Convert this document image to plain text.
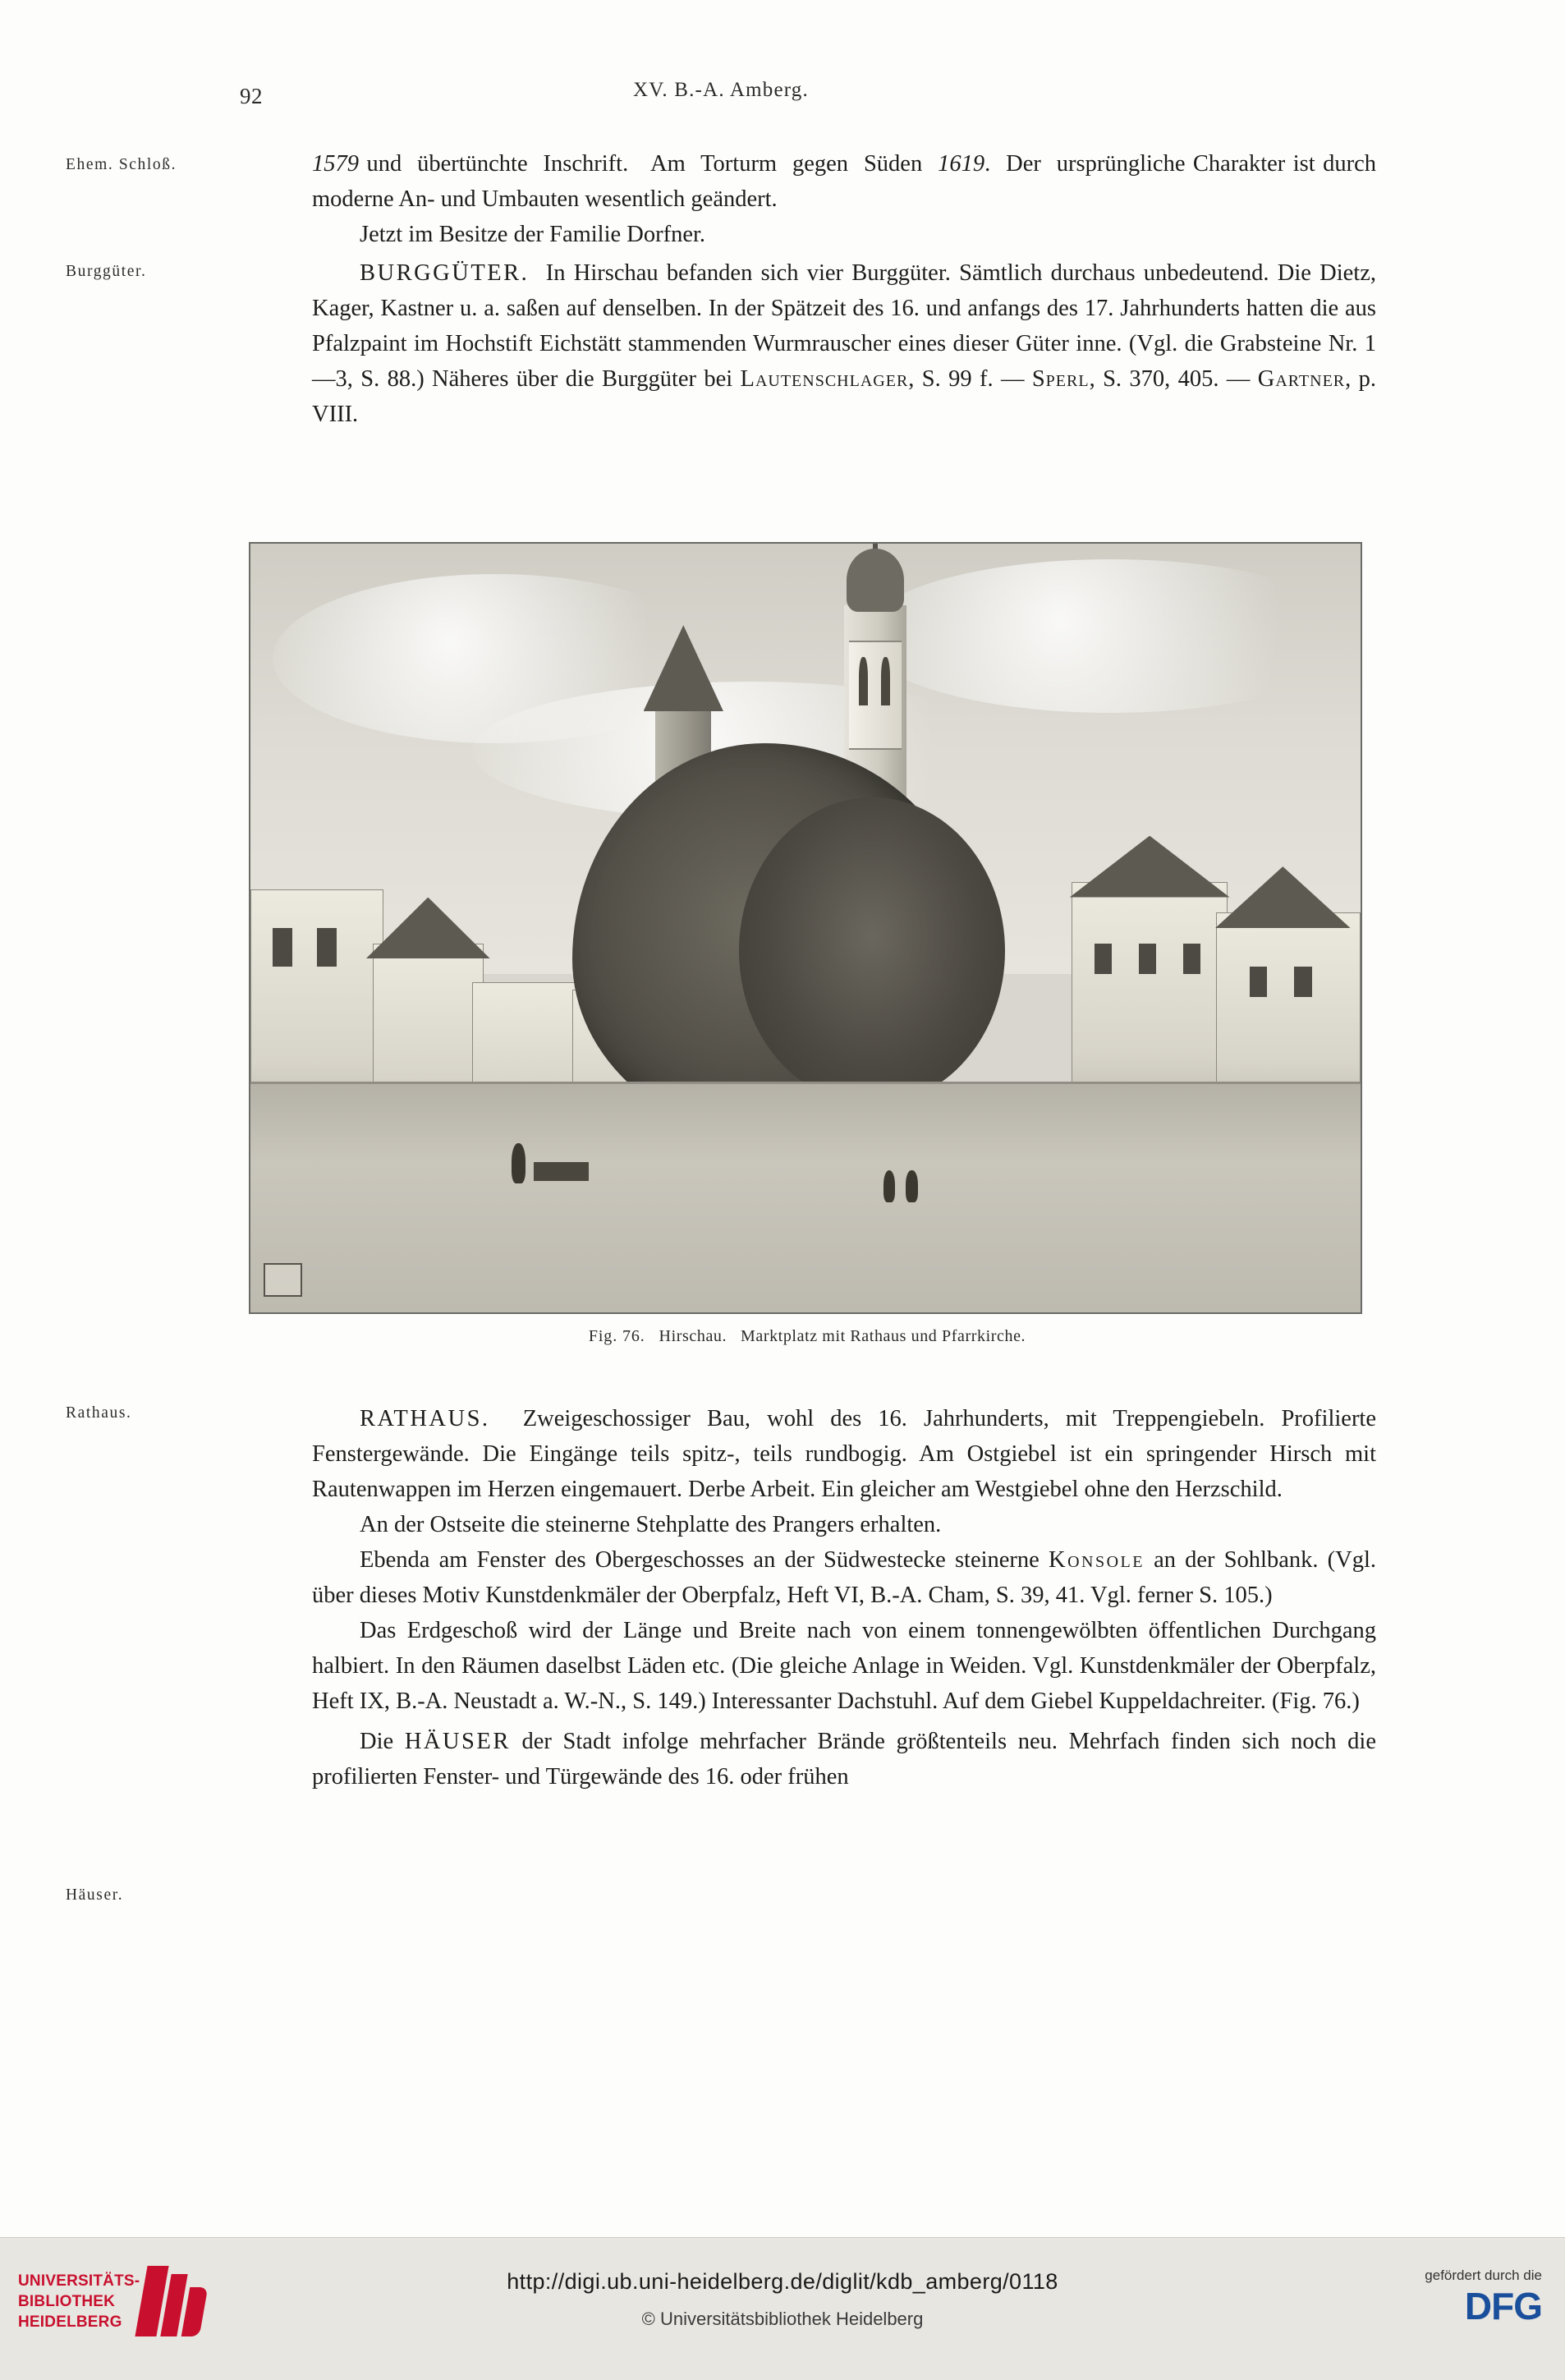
92	XV. B.-A. Amberg.
Ehem. Schloß.
Burggüter.
Rathaus.
Häuser.

1579 und  übertünchte  Inschrift.   Am  Torturm  gegen  Süden  1619.  Der  ursprüngliche Charakter ist durch moderne An- und Umbauten wesentlich geändert.

Jetzt im Besitze der Familie Dorfner.

BURGGÜTER. In Hirschau befanden sich vier Burggüter. Sämtlich durchaus unbedeutend. Die Dietz, Kager, Kastner u. a. saßen auf denselben. In der Spätzeit des 16. und anfangs des 17. Jahrhunderts hatten die aus Pfalzpaint im Hochstift Eichstätt stammenden Wurmrauscher eines dieser Güter inne. (Vgl. die Grabsteine Nr. 1—3, S. 88.) Näheres über die Burggüter bei Lautenschlager, S. 99 f. — Sperl, S. 370, 405. — Gartner, p. VIII.

Fig. 76. Hirschau. Marktplatz mit Rathaus und Pfarrkirche.

RATHAUS. Zweigeschossiger Bau, wohl des 16. Jahrhunderts, mit Treppengiebeln. Profilierte Fenstergewände. Die Eingänge teils spitz-, teils rundbogig. Am Ostgiebel ist ein springender Hirsch mit Rautenwappen im Herzen eingemauert. Derbe Arbeit. Ein gleicher am Westgiebel ohne den Herzschild.

An der Ostseite die steinerne Stehplatte des Prangers erhalten.

Ebenda am Fenster des Obergeschosses an der Südwestecke steinerne Konsole an der Sohlbank. (Vgl. über dieses Motiv Kunstdenkmäler der Oberpfalz, Heft VI, B.-A. Cham, S. 39, 41. Vgl. ferner S. 105.)

Das Erdgeschoß wird der Länge und Breite nach von einem tonnengewölbten öffentlichen Durchgang halbiert. In den Räumen daselbst Läden etc. (Die gleiche Anlage in Weiden. Vgl. Kunstdenkmäler der Oberpfalz, Heft IX, B.-A. Neustadt a. W.-N., S. 149.) Interessanter Dachstuhl. Auf dem Giebel Kuppeldachreiter. (Fig. 76.)

Die HÄUSER der Stadt infolge mehrfacher Brände größtenteils neu. Mehrfach finden sich noch die profilierten Fenster- und Türgewände des 16. oder frühen

UNIVERSITÄTS-
BIBLIOTHEK
HEIDELBERG
http://digi.ub.uni-heidelberg.de/diglit/kdb_amberg/0118
© Universitätsbibliothek Heidelberg
gefördert durch die
DFG
